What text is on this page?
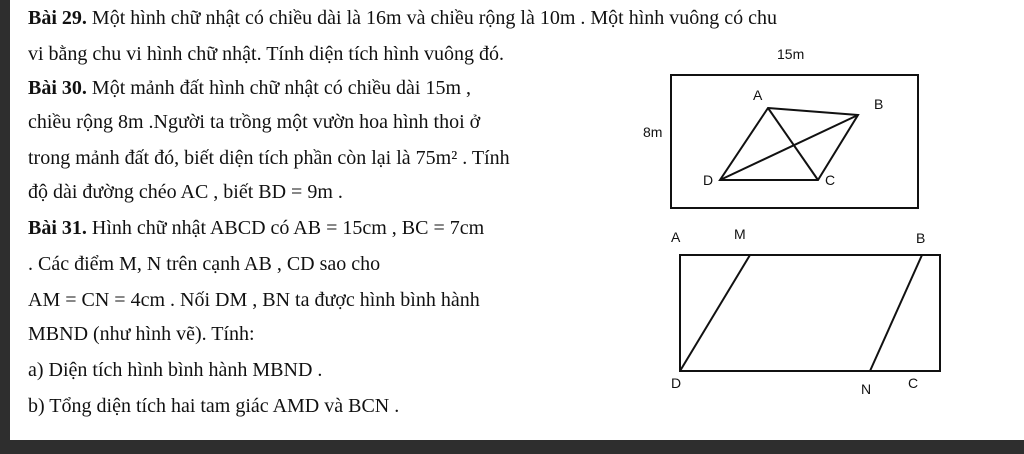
Bài 29. Một hình chữ nhật có chiều dài là 16m và chiều rộng là 10m . Một hình vuông có chu
vi bằng chu vi hình chữ nhật. Tính diện tích hình vuông đó.
Bài 30. Một mảnh đất hình chữ nhật có chiều dài 15m ,
chiều rộng 8m .Người ta trồng một vườn hoa hình thoi ở
trong mảnh đất đó, biết diện tích phần còn lại là 75m² . Tính
độ dài đường chéo AC , biết BD = 9m .
Bài 31. Hình chữ nhật ABCD có AB = 15cm , BC = 7cm
. Các điểm M, N trên cạnh AB , CD sao cho
AM = CN = 4cm . Nối DM , BN ta được hình bình hành
MBND (như hình vẽ). Tính:
a) Diện tích hình bình hành MBND .
b) Tổng diện tích hai tam giác AMD và BCN .
15m
8m
A
B
C
D
A	M	B
D	N	C
